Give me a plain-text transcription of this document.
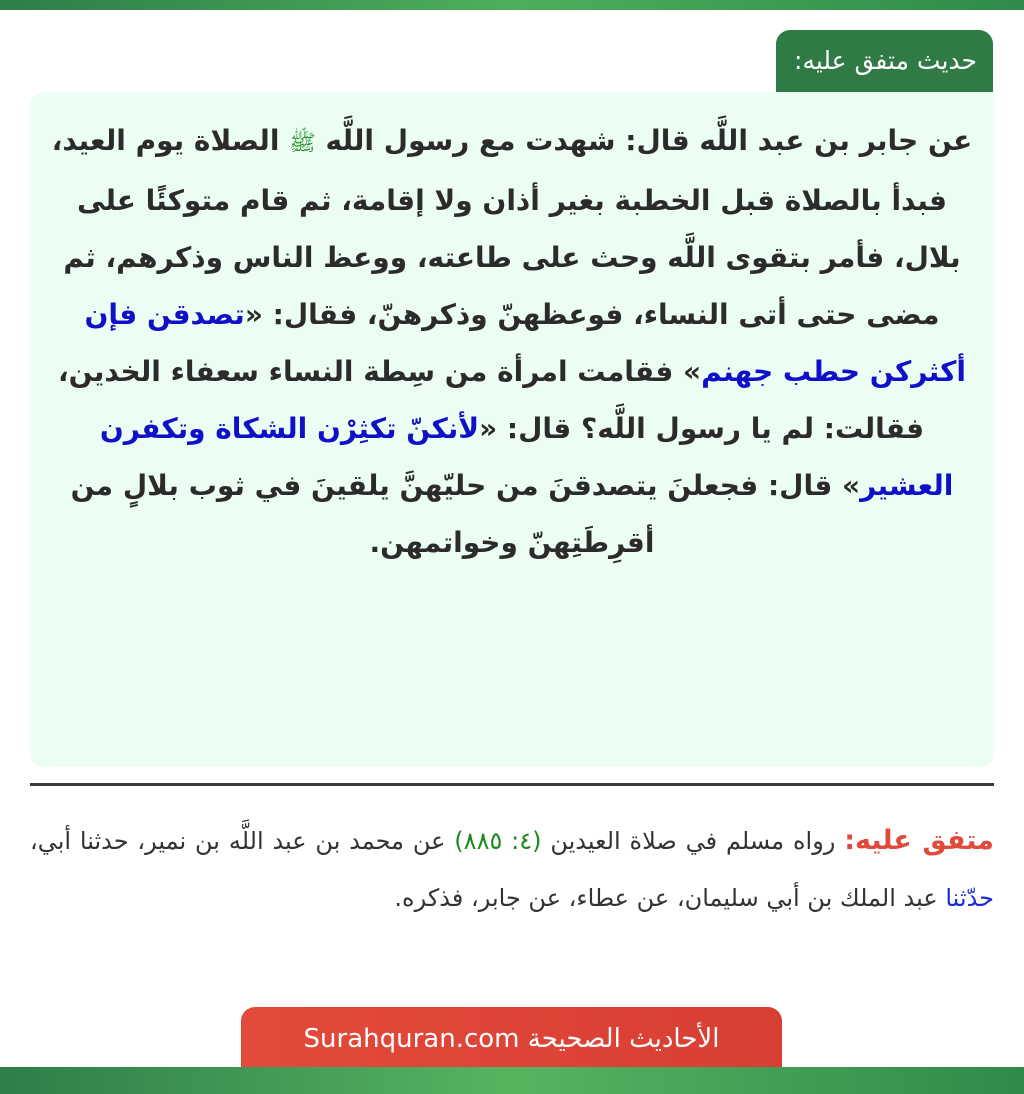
حديث متفق عليه:
عن جابر بن عبد اللَّه قال: شهدت مع رسول اللَّه ﷺ الصلاة يوم العيد، فبدأ بالصلاة قبل الخطبة بغير أذان ولا إقامة، ثم قام متوكئًا على بلال، فأمر بتقوى اللَّه وحث على طاعته، ووعظ الناس وذكرهم، ثم مضى حتى أتى النساء، فوعظهنّ وذكرهنّ، فقال: «تصدقن فإن أكثركن حطب جهنم» فقامت امرأة من سِطة النساء سعفاء الخدين، فقالت: لم يا رسول اللَّه؟ قال: «لأنكنّ تكثِرْن الشكاة وتكفرن العشير» قال: فجعلنَ يتصدقنَ من حليّهنَّ يلقينَ في ثوب بلالٍ من أقرِطَتِهنّ وخواتمهن.
متفق عليه: رواه مسلم في صلاة العيدين (٤: ٨٨٥) عن محمد بن عبد اللَّه بن نمير، حدثنا أبي، حدّثنا عبد الملك بن أبي سليمان، عن عطاء، عن جابر، فذكره.
الأحاديث الصحيحة Surahquran.com
